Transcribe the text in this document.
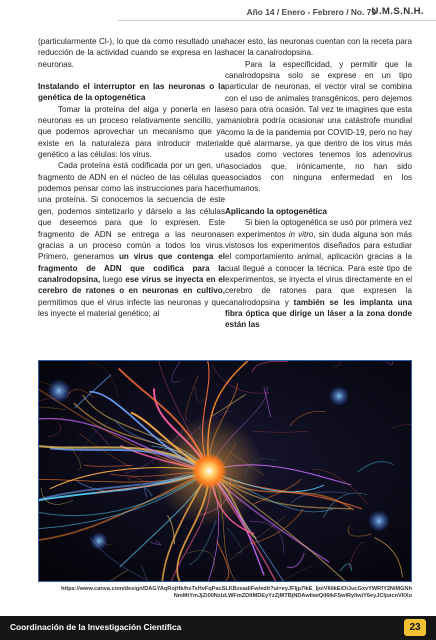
Año 14 / Enero - Febrero / No. 79
U.M.S.N.H.

(particularmente Cl-), lo que da como resultado una reducción de la actividad cuando se expresa en las neuronas.

Instalando el interruptor en las neuronas o la genética de la optogenética

Tomar la proteína del alga y ponerla en las neuronas es un proceso relativamente sencillo, ya que podemos aprovechar un mecanismo que ya existe en la naturaleza para introducir material genético a las células: los virus.

Cada proteína está codificada por un gen, un fragmento de ADN en el núcleo de las células que podemos pensar como las instrucciones para hacer una proteína. Si conocemos la secuencia de este gen, podemos sintetizarlo y dárselo a las células que deseemos para que lo expresen. Este fragmento de ADN se entrega a las neuronas gracias a un proceso común a todos los virus. Primero, generamos un virus que contenga el fragmento de ADN que codifica para la canalrodopsina, luego ese virus se inyecta en el cerebro de ratones o en neuronas en cultivo, permitimos que el virus infecte las neuronas y que les inyecte el material genético; al

hacer esto, las neuronas cuentan con la receta para hacer la canalrodopsina.

Para la especificidad, y permitir que la canalrodopsina solo se exprese en un tipo particular de neuronas, el vector viral se combina con el uso de animales transgénicos, pero dejemos eso para otra ocasión. Tal vez te imagines que esta maniobra podría ocasionar una catástrofe mundial como la de la pandemia por COVID-19, pero no hay de qué alarmarse, ya que dentro de los virus más usados como vectores tenemos los adenovirus asociados que, irónicamente, no han sido asociados con ninguna enfermedad en los humanos.

Aplicando la optogenética

Si bien la optogenética se usó por primera vez en experimentos in vitro, sin duda alguna son más vistosos los experimentos diseñados para estudiar el comportamiento animal, aplicación gracias a la cual llegué a conocer la técnica. Para este tipo de experimentos, se inyecta el virus directamente en el cerebro de ratones para que expresen la canalrodopsina y también se les implanta una fibra óptica que dirige un láser a la zona donde están las

https://www.canva.com/design/DAGYAqRojHk/hsTsHvFqPacSLKBzeadiFw/edit?ui=eyJFIjp7IkE_IjoiVlliIkEiOiJucGxvYWRfY2NiMGNhNmMtYmJjZi00NzlzLWFmZDItMDEyYzZjMTBjNDAwIiwiQiI6IkFSwlRyIiwiY6eyJCIjoicnVlIXo
Coordinación de la Investigación Científica	23
